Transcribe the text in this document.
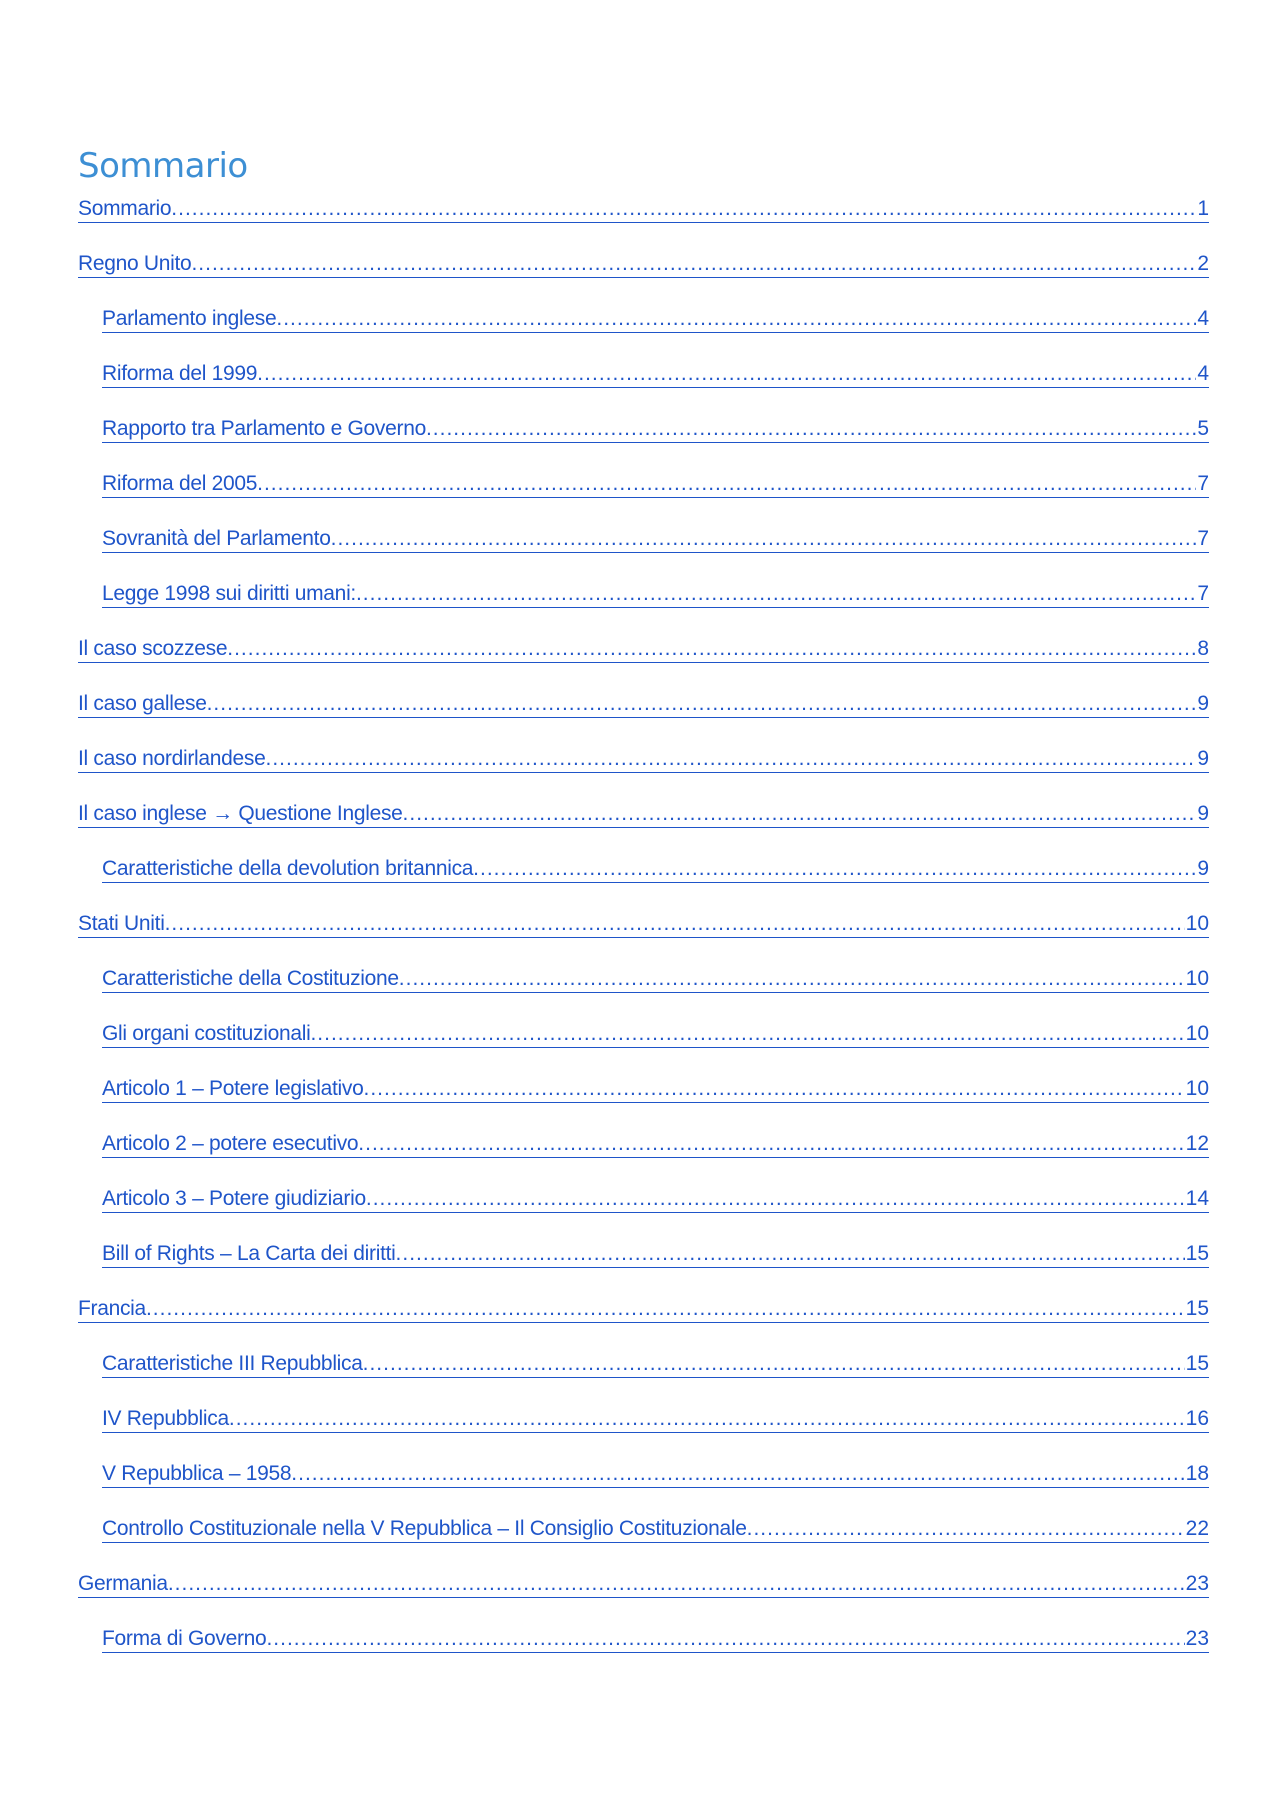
Sommario
Sommario .....	1
Regno Unito .....	2
Parlamento inglese .....	4
Riforma del 1999 .....	4
Rapporto tra Parlamento e Governo .....	5
Riforma del 2005 .....	7
Sovranità del Parlamento .....	7
Legge 1998 sui diritti umani: .....	7
Il caso scozzese .....	8
Il caso gallese .....	9
Il caso nordirlandese .....	9
Il caso inglese → Questione Inglese .....	9
Caratteristiche della devolution britannica .....	9
Stati Uniti .....	10
Caratteristiche della Costituzione .....	10
Gli organi costituzionali .....	10
Articolo 1 – Potere legislativo .....	10
Articolo 2 – potere esecutivo .....	12
Articolo 3 – Potere giudiziario .....	14
Bill of Rights – La Carta dei diritti .....	15
Francia .....	15
Caratteristiche III Repubblica .....	15
IV Repubblica .....	16
V Repubblica – 1958 .....	18
Controllo Costituzionale nella V Repubblica – Il Consiglio Costituzionale .....	22
Germania .....	23
Forma di Governo .....	23
